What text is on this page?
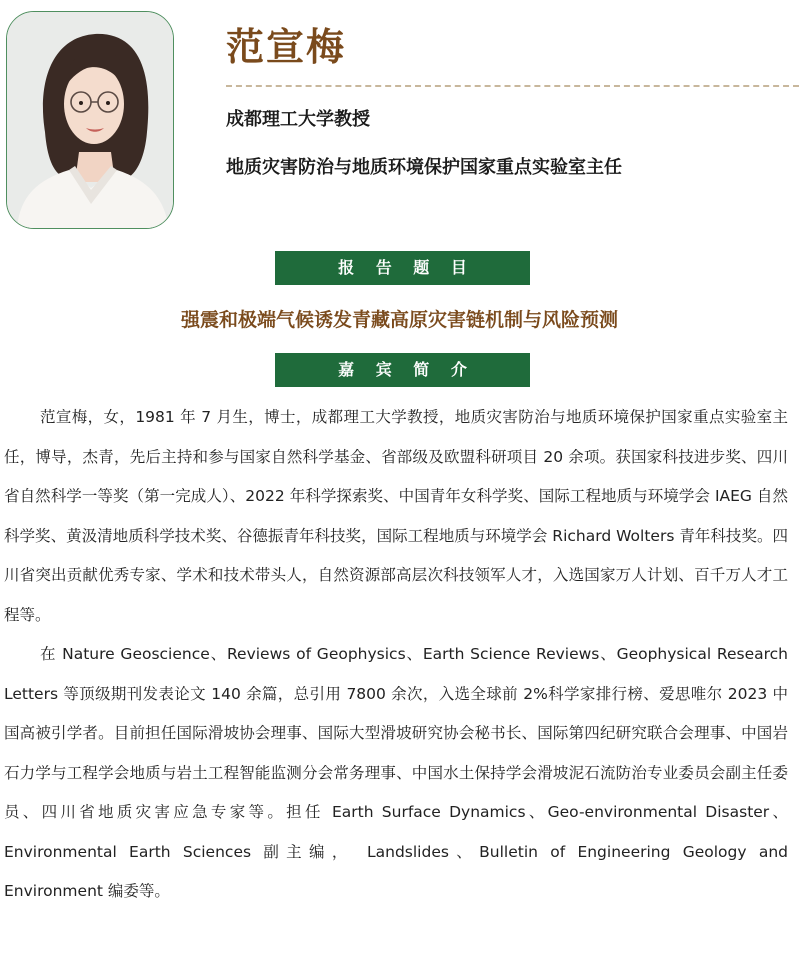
范宣梅
成都理工大学教授
地质灾害防治与地质环境保护国家重点实验室主任
报 告 题 目
强震和极端气候诱发青藏高原灾害链机制与风险预测
嘉 宾 简 介

范宣梅，女，1981 年 7 月生，博士，成都理工大学教授，地质灾害防治与地质环境保护国家重点实验室主任，博导，杰青，先后主持和参与国家自然科学基金、省部级及欧盟科研项目 20 余项。获国家科技进步奖、四川省自然科学一等奖（第一完成人）、2022 年科学探索奖、中国青年女科学奖、国际工程地质与环境学会 IAEG 自然科学奖、黄汲清地质科学技术奖、谷德振青年科技奖，国际工程地质与环境学会 Richard Wolters 青年科技奖。四川省突出贡献优秀专家、学术和技术带头人，自然资源部高层次科技领军人才，入选国家万人计划、百千万人才工程等。

在 Nature Geoscience、Reviews of Geophysics、Earth Science Reviews、Geophysical Research Letters 等顶级期刊发表论文 140 余篇，总引用 7800 余次，入选全球前 2%科学家排行榜、爱思唯尔 2023 中国高被引学者。目前担任国际滑坡协会理事、国际大型滑坡研究协会秘书长、国际第四纪研究联合会理事、中国岩石力学与工程学会地质与岩土工程智能监测分会常务理事、中国水土保持学会滑坡泥石流防治专业委员会副主任委员、四川省地质灾害应急专家等。担任 Earth Surface Dynamics、Geo-environmental Disaster、Environmental Earth Sciences 副主编， Landslides、Bulletin of Engineering Geology and Environment 编委等。
